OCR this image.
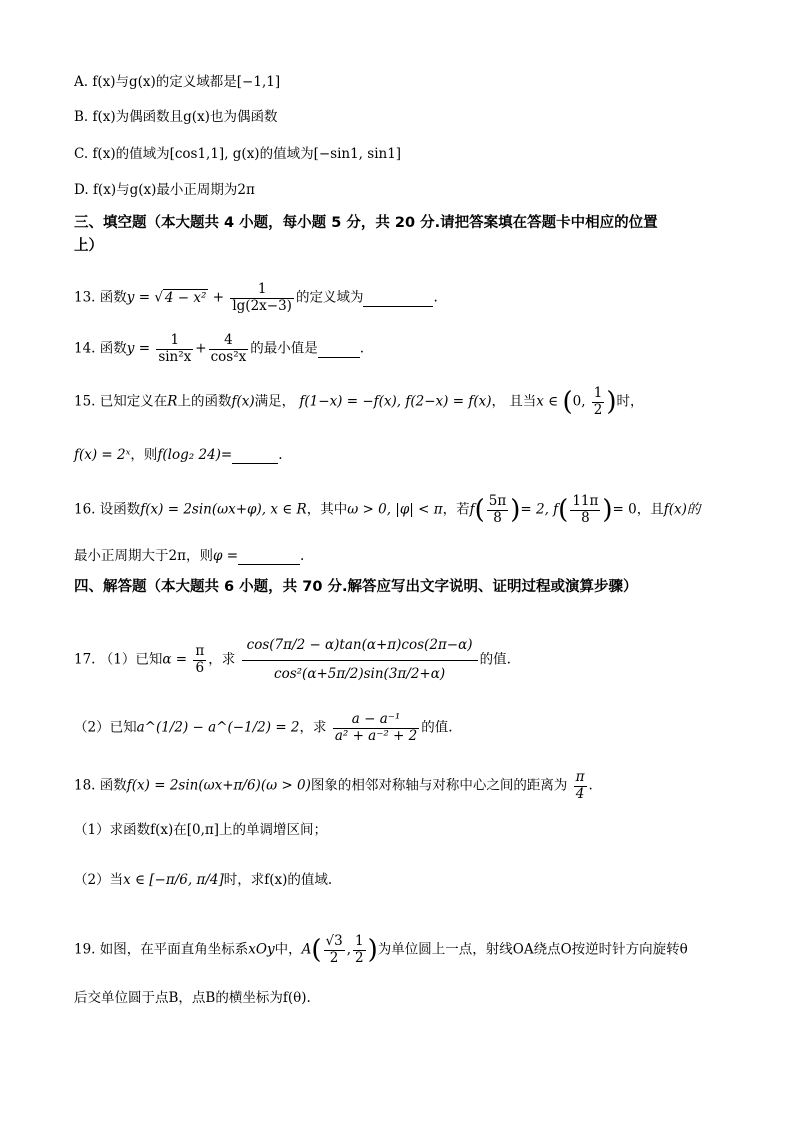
A. f(x)与g(x)的定义域都是[−1,1]
B. f(x)为偶函数且g(x)也为偶函数
C. f(x)的值域为[cos1,1], g(x)的值域为[−sin1, sin1]
D. f(x)与g(x)最小正周期为2π
三、填空题（本大题共 4 小题，每小题 5 分，共 20 分.请把答案填在答题卡中相应的位置
上）
13. 函数y = √ $4 - x^2 + \frac{1}{\lg(2x-3)}$ 的定义域为	.
14. 函数$y = \frac{1}{\text{sin²x}} + \frac{4}{\text{cos²x}}$ 的最小值是	.
15. 已知定义在R上的函数f(x)满足， f(1−x) = −f(x), f(2−x) = f(x)， 且当x ∈ (0, $\frac{1}{2}$ )时，
f(x) = 2ˣ，则f(log₂ 24)=	.
16. 设函数f(x) = 2sin(ωx+φ), x ∈ R，其中ω > 0, |φ| < π，若$f( \frac{5\pi}{8}$ )= 2, $f( \frac{11\pi}{8}$ )= 0，且f(x)的
最小正周期大于2π，则φ =	.
四、解答题（本大题共 6 小题，共 70 分.解答应写出文字说明、证明过程或演算步骤）
17. （1）已知$\alpha = \frac{\pi}{6}$ ，求 $\frac{\cos(7\pi/2 - \alpha)\tan(\alpha+\pi)\cos(2\pi-\alpha)}{\text{cos²(α+5π/2)sin(3π/2+α)}}$ 的值.
（2）已知a^(1/2) − a^(−1/2) = 2，求 $\frac{\text{a − a⁻¹}}{\text{a² + a⁻² + 2}}$ 的值.
18. 函数f(x) = 2sin(ωx+π/6)(ω > 0)图象的相邻对称轴与对称中心之间的距离为 $\frac{\pi}{4}$ .
（1）求函数f(x)在[0,π]上的单调增区间；
（2）当x ∈ [−π/6, π/4]时，求f(x)的值域.
19. 如图，在平面直角坐标系xOy中，$A( \frac{√3}{2}$ , $\frac{1}{2}$ )为单位圆上一点，射线OA绕点O按逆时针方向旋转θ
后交单位圆于点B，点B的横坐标为f(θ).
